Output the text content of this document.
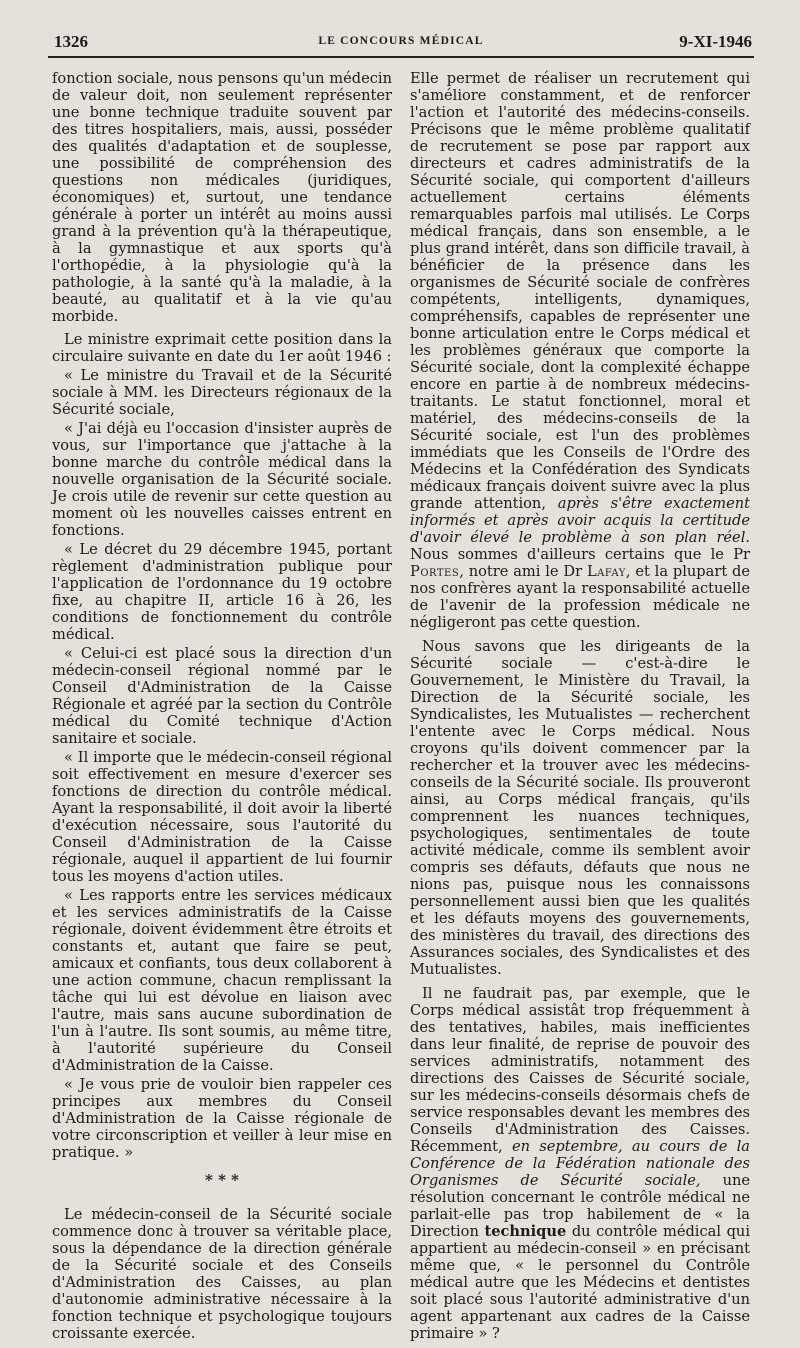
1326	LE CONCOURS MÉDICAL	9-XI-1946

fonction sociale, nous pensons qu'un médecin de valeur doit, non seulement représenter une bonne technique traduite souvent par des titres hospitaliers, mais, aussi, posséder des qualités d'adaptation et de souplesse, une possibilité de compréhension des questions non médicales (juridiques, économiques) et, surtout, une tendance générale à porter un intérêt au moins aussi grand à la prévention qu'à la thérapeutique, à la gymnastique et aux sports qu'à l'orthopédie, à la physiologie qu'à la pathologie, à la santé qu'à la maladie, à la beauté, au qualitatif et à la vie qu'au morbide.

Le ministre exprimait cette position dans la circulaire suivante en date du 1er août 1946 :

« Le ministre du Travail et de la Sécurité sociale à MM. les Directeurs régionaux de la Sécurité sociale,

« J'ai déjà eu l'occasion d'insister auprès de vous, sur l'importance que j'attache à la bonne marche du contrôle médical dans la nouvelle organisation de la Sécurité sociale. Je crois utile de revenir sur cette question au moment où les nouvelles caisses entrent en fonctions.

« Le décret du 29 décembre 1945, portant règlement d'administration publique pour l'application de l'ordonnance du 19 octobre fixe, au chapitre II, article 16 à 26, les conditions de fonctionnement du contrôle médical.

« Celui-ci est placé sous la direction d'un médecin-conseil régional nommé par le Conseil d'Administration de la Caisse Régionale et agréé par la section du Contrôle médical du Comité technique d'Action sanitaire et sociale.

« Il importe que le médecin-conseil régional soit effectivement en mesure d'exercer ses fonctions de direction du contrôle médical. Ayant la responsabilité, il doit avoir la liberté d'exécution nécessaire, sous l'autorité du Conseil d'Administration de la Caisse régionale, auquel il appartient de lui fournir tous les moyens d'action utiles.

« Les rapports entre les services médicaux et les services administratifs de la Caisse régionale, doivent évidemment être étroits et constants et, autant que faire se peut, amicaux et confiants, tous deux collaborent à une action commune, chacun remplissant la tâche qui lui est dévolue en liaison avec l'autre, mais sans aucune subordination de l'un à l'autre. Ils sont soumis, au même titre, à l'autorité supérieure du Conseil d'Administration de la Caisse.

« Je vous prie de vouloir bien rappeler ces principes aux membres du Conseil d'Administration de la Caisse régionale de votre circonscription et veiller à leur mise en pratique. »

* * *

Le médecin-conseil de la Sécurité sociale commence donc à trouver sa véritable place, sous la dépendance de la direction générale de la Sécurité sociale et des Conseils d'Administration des Caisses, au plan d'autonomie administrative nécessaire à la fonction technique et psychologique toujours croissante exercée.

Elle permet de réaliser un recrutement qui s'améliore constamment, et de renforcer l'action et l'autorité des médecins-conseils. Précisons que le même problème qualitatif de recrutement se pose par rapport aux directeurs et cadres administratifs de la Sécurité sociale, qui comportent d'ailleurs actuellement certains éléments remarquables parfois mal utilisés. Le Corps médical français, dans son ensemble, a le plus grand intérêt, dans son difficile travail, à bénéficier de la présence dans les organismes de Sécurité sociale de confrères compétents, intelligents, dynamiques, compréhensifs, capables de représenter une bonne articulation entre le Corps médical et les problèmes généraux que comporte la Sécurité sociale, dont la complexité échappe encore en partie à de nombreux médecins-traitants. Le statut fonctionnel, moral et matériel, des médecins-conseils de la Sécurité sociale, est l'un des problèmes immédiats que les Conseils de l'Ordre des Médecins et la Confédération des Syndicats médicaux français doivent suivre avec la plus grande attention, après s'être exactement informés et après avoir acquis la certitude d'avoir élevé le problème à son plan réel. Nous sommes d'ailleurs certains que le Pr Portes, notre ami le Dr Lafay, et la plupart de nos confrères ayant la responsabilité actuelle de l'avenir de la profession médicale ne négligeront pas cette question.

Nous savons que les dirigeants de la Sécurité sociale — c'est-à-dire le Gouvernement, le Ministère du Travail, la Direction de la Sécurité sociale, les Syndicalistes, les Mutualistes — recherchent l'entente avec le Corps médical. Nous croyons qu'ils doivent commencer par la rechercher et la trouver avec les médecins-conseils de la Sécurité sociale. Ils prouveront ainsi, au Corps médical français, qu'ils comprennent les nuances techniques, psychologiques, sentimentales de toute activité médicale, comme ils semblent avoir compris ses défauts, défauts que nous ne nions pas, puisque nous les connaissons personnellement aussi bien que les qualités et les défauts moyens des gouvernements, des ministères du travail, des directions des Assurances sociales, des Syndicalistes et des Mutualistes.

Il ne faudrait pas, par exemple, que le Corps médical assistât trop fréquemment à des tentatives, habiles, mais inefficientes dans leur finalité, de reprise de pouvoir des services administratifs, notamment des directions des Caisses de Sécurité sociale, sur les médecins-conseils désormais chefs de service responsables devant les membres des Conseils d'Administration des Caisses. Récemment, en septembre, au cours de la Conférence de la Fédération nationale des Organismes de Sécurité sociale, une résolution concernant le contrôle médical ne parlait-elle pas trop habilement de « la Direction technique du contrôle médical qui appartient au médecin-conseil » en précisant même que, « le personnel du Contrôle médical autre que les Médecins et dentistes soit placé sous l'autorité administrative d'un agent appartenant aux cadres de la Caisse primaire » ?
